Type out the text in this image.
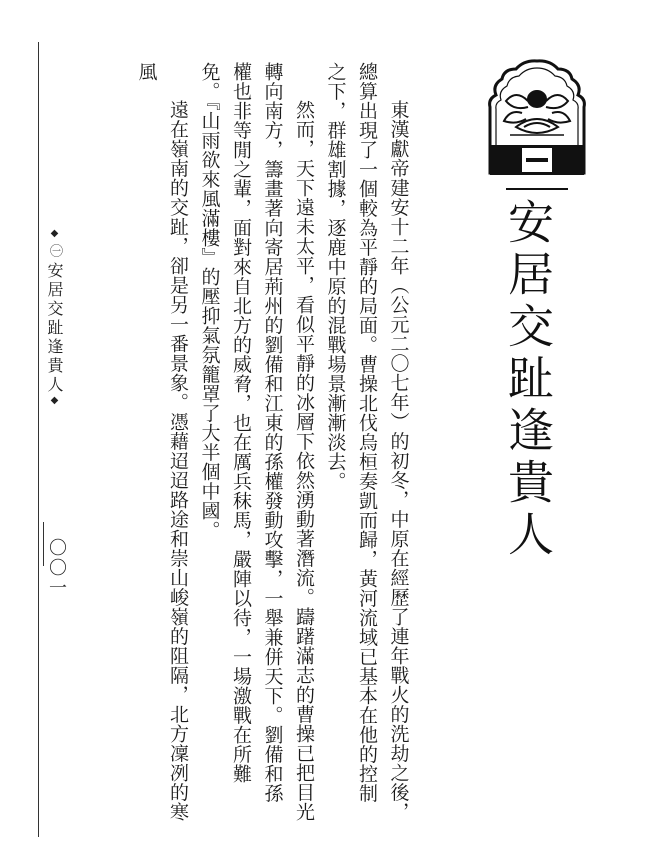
◆
㊀
安居交趾逢貴人
◆
〇〇一	東漢獻帝建安十二年（公元二〇七年）的初冬，中原在經歷了連年戰火的洗劫之後，總算出現了一個較為平靜的局面。曹操北伐烏桓奏凱而歸，黃河流域已基本在他的控制之下，群雄割據，逐鹿中原的混戰場景漸漸淡去。

然而，天下遠未太平，看似平靜的冰層下依然湧動著潛流。躊躇滿志的曹操已把目光轉向南方，籌畫著向寄居荊州的劉備和江東的孫權發動攻擊，一舉兼併天下。劉備和孫權也非等閒之輩，面對來自北方的威脅，也在厲兵秣馬，嚴陣以待，一場激戰在所難免。『山雨欲來風滿樓』的壓抑氣氛籠罩了大半個中國。

遠在嶺南的交趾，卻是另一番景象。憑藉迢迢路途和崇山峻嶺的阻隔，北方凜冽的寒風

安居交趾逢貴人
